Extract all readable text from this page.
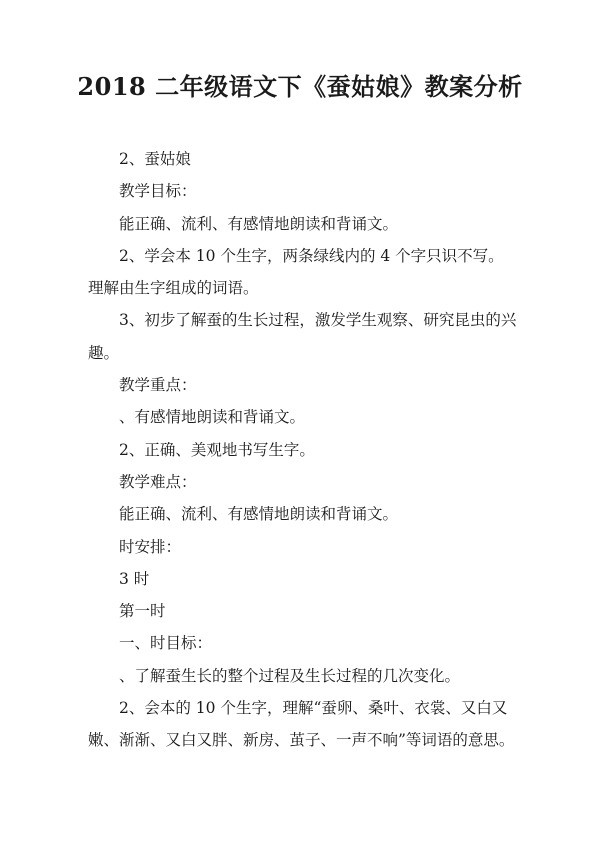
2018 二年级语文下《蚕姑娘》教案分析

2、蚕姑娘

教学目标：

能正确、流利、有感情地朗读和背诵文。

2、学会本 10 个生字，两条绿线内的 4 个字只识不写。理解由生字组成的词语。

3、初步了解蚕的生长过程，激发学生观察、研究昆虫的兴趣。

教学重点：

、有感情地朗读和背诵文。

2、正确、美观地书写生字。

教学难点：

能正确、流利、有感情地朗读和背诵文。

时安排：

3 时

第一时

一、时目标：

、了解蚕生长的整个过程及生长过程的几次变化。

2、会本的 10 个生字，理解“蚕卵、桑叶、衣裳、又白又嫩、渐渐、又白又胖、新房、茧子、一声不响”等词语的意思。
